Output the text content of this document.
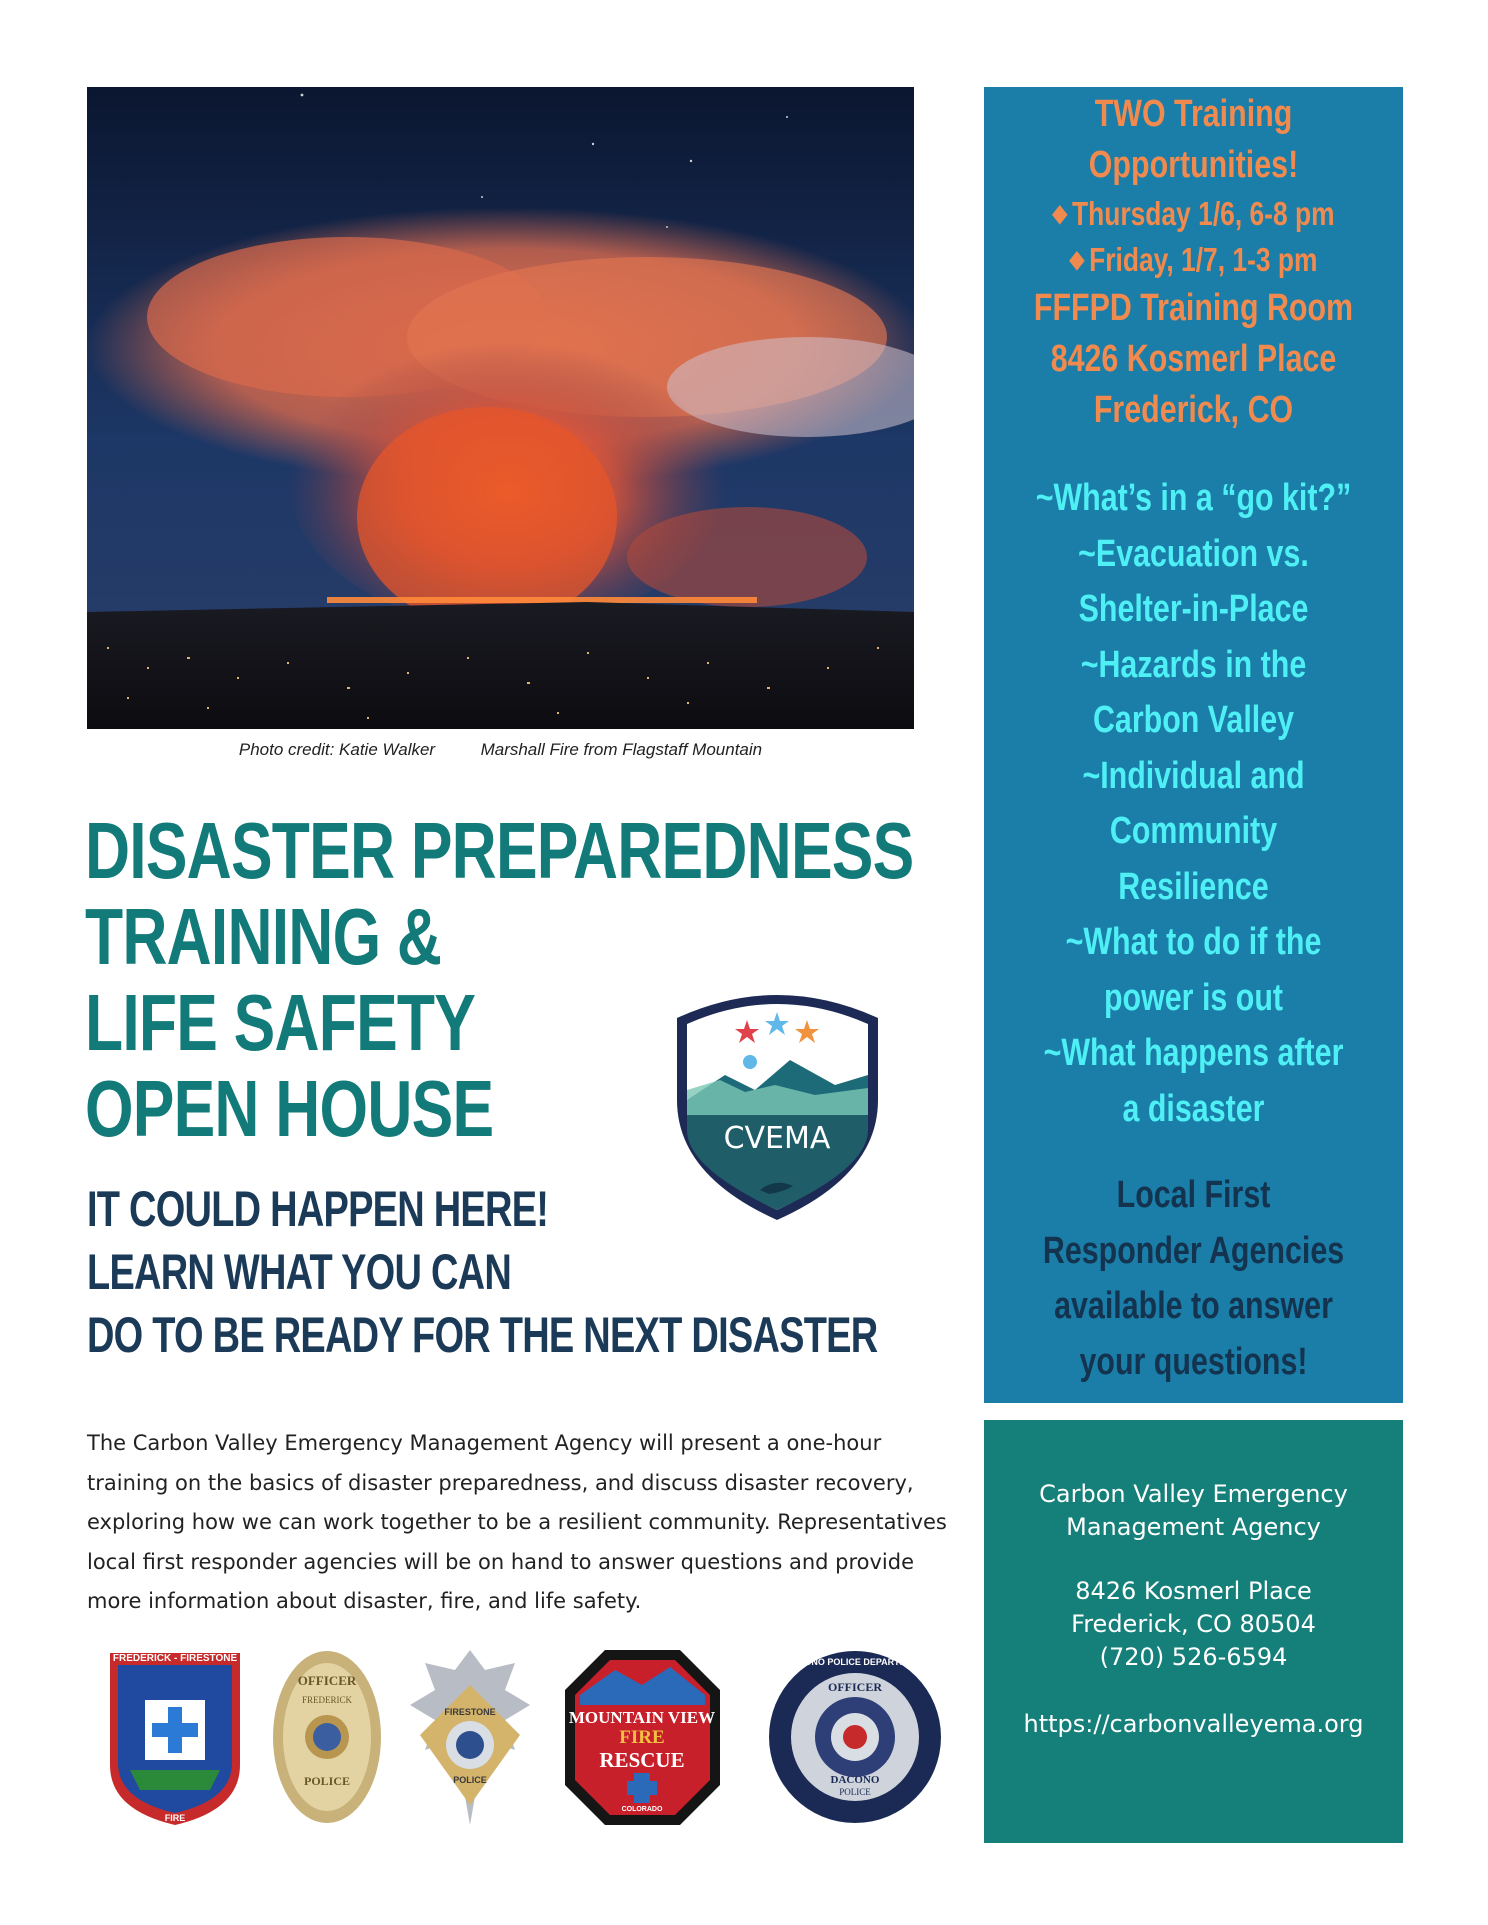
Photo credit: Katie Walker	Marshall Fire from Flagstaff Mountain
DISASTER PREPAREDNESS
TRAINING &
LIFE SAFETY
OPEN HOUSE
IT COULD HAPPEN HERE!
LEARN WHAT YOU CAN
DO TO BE READY FOR THE NEXT DISASTER
CVEMA
The Carbon Valley Emergency Management Agency will present a one-hour training on the basics of disaster preparedness, and discuss disaster recovery, exploring how we can work together to be a resilient community. Representatives local first responder agencies will be on hand to answer questions and provide more information about disaster, fire, and life safety.
FREDERICK - FIRESTONE
FIRE
OFFICER
FREDERICK
POLICE
FIRESTONE
POLICE
MOUNTAIN VIEW
FIRE
RESCUE
COLORADO
DACONO POLICE DEPARTMENT
OFFICER
DACONO
POLICE
TWO Training
Opportunities!
◆ Thursday 1/6, 6-8 pm
◆ Friday, 1/7, 1-3 pm
FFFPD Training Room
8426 Kosmerl Place
Frederick, CO
~What’s in a “go kit?”
~Evacuation vs.
Shelter-in-Place
~Hazards in the
Carbon Valley
~Individual and
Community
Resilience
~What to do if the
power is out
~What happens after
a disaster
Local First
Responder Agencies
available to answer
your questions!
Carbon Valley Emergency
Management Agency
8426 Kosmerl Place
Frederick, CO 80504
(720) 526-6594
https://carbonvalleyema.org
